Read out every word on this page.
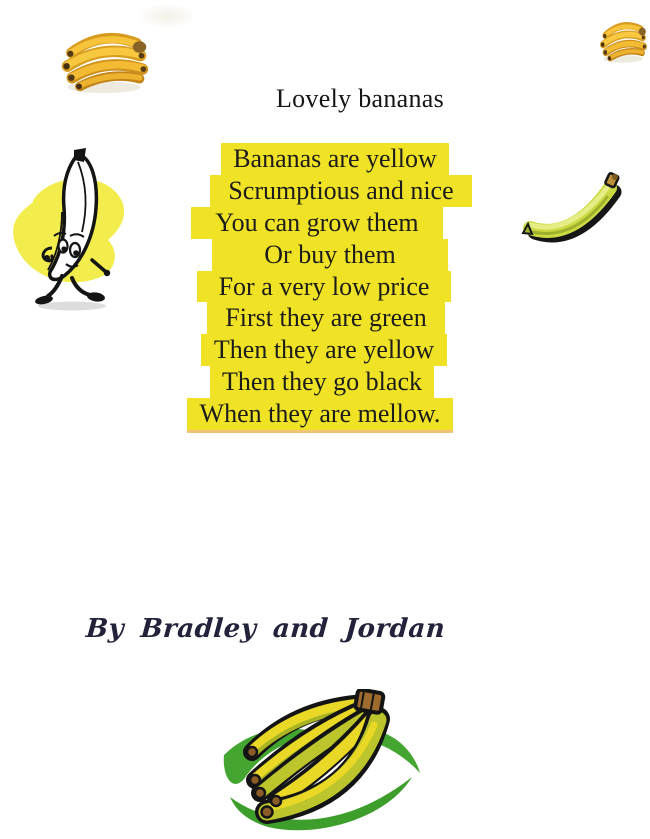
Lovely bananas
Bananas are yellow
Scrumptious and nice
You can grow them
Or buy them
For a very low price
First they are green
Then they are yellow
Then they go black
When they are mellow.
By Bradley and Jordan
